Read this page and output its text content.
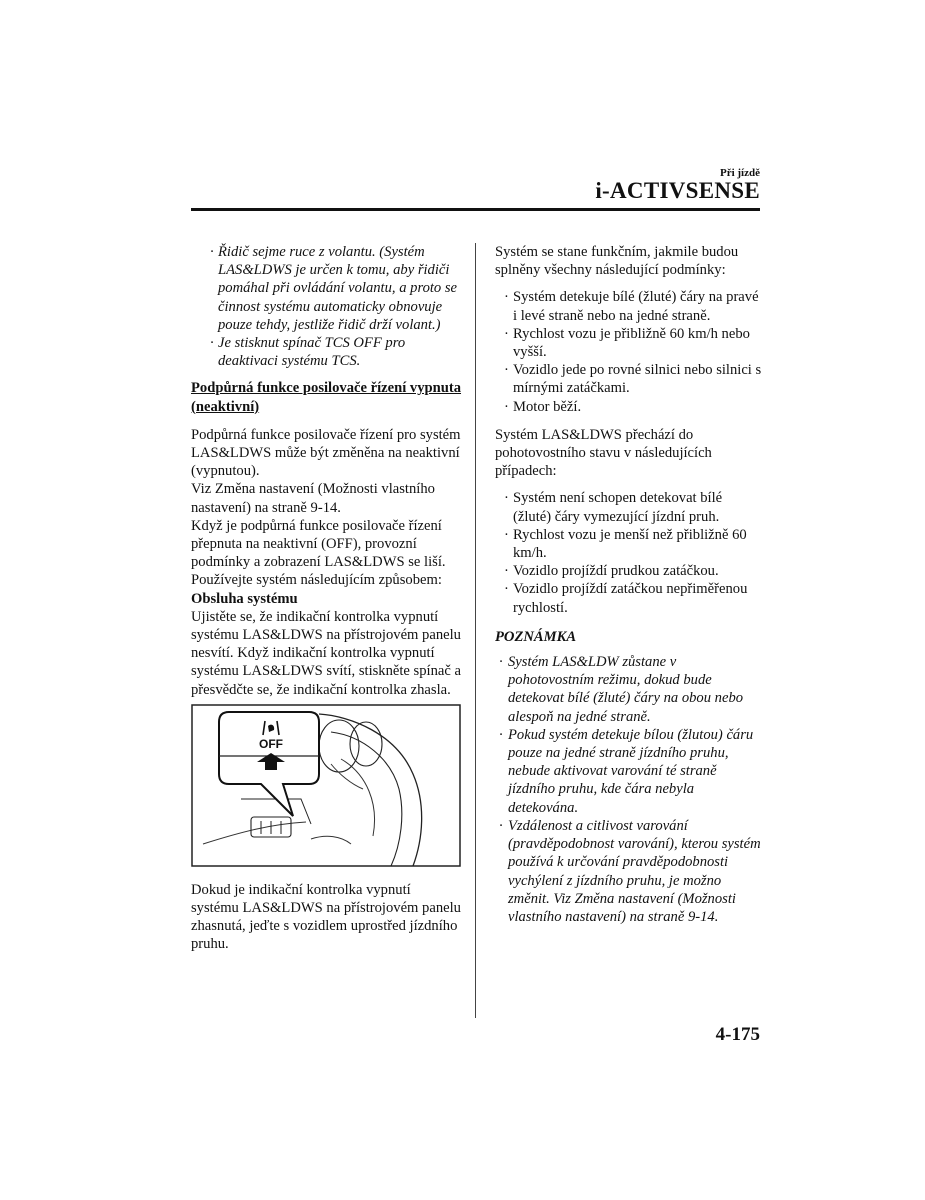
Při jízdě
i-ACTIVSENSE
· Řidič sejme ruce z volantu. (Systém LAS&LDWS je určen k tomu, aby řidiči pomáhal při ovládání volantu, a proto se činnost systému automaticky obnovuje pouze tehdy, jestliže řidič drží volant.)
· Je stisknut spínač TCS OFF pro deaktivaci systému TCS.

Podpůrná funkce posilovače řízení vypnuta (neaktivní)

Podpůrná funkce posilovače řízení pro systém LAS&LDWS může být změněna na neaktivní (vypnutou).

Viz Změna nastavení (Možnosti vlastního nastavení) na straně 9-14.

Když je podpůrná funkce posilovače řízení přepnuta na neaktivní (OFF), provozní podmínky a zobrazení LAS&LDWS se liší. Používejte systém následujícím způsobem:

Obsluha systému

Ujistěte se, že indikační kontrolka vypnutí systému LAS&LDWS na přístrojovém panelu nesvítí. Když indikační kontrolka vypnutí systému LAS&LDWS svítí, stiskněte spínač a přesvědčte se, že indikační kontrolka zhasla.

OFF

Dokud je indikační kontrolka vypnutí systému LAS&LDWS na přístrojovém panelu zhasnutá, jeďte s vozidlem uprostřed jízdního pruhu.

Systém se stane funkčním, jakmile budou splněny všechny následující podmínky:

· Systém detekuje bílé (žluté) čáry na pravé i levé straně nebo na jedné straně.
· Rychlost vozu je přibližně 60 km/h nebo vyšší.
· Vozidlo jede po rovné silnici nebo silnici s mírnými zatáčkami.
· Motor běží.

Systém LAS&LDWS přechází do pohotovostního stavu v následujících případech:

· Systém není schopen detekovat bílé (žluté) čáry vymezující jízdní pruh.
· Rychlost vozu je menší než přibližně 60 km/h.
· Vozidlo projíždí prudkou zatáčkou.
· Vozidlo projíždí zatáčkou nepřiměřenou rychlostí.

POZNÁMKA

· Systém LAS&LDW zůstane v pohotovostním režimu, dokud bude detekovat bílé (žluté) čáry na obou nebo alespoň na jedné straně.
· Pokud systém detekuje bílou (žlutou) čáru pouze na jedné straně jízdního pruhu, nebude aktivovat varování té straně jízdního pruhu, kde čára nebyla detekována.
· Vzdálenost a citlivost varování (pravděpodobnost varování), kterou systém používá k určování pravděpodobnosti vychýlení z jízdního pruhu, je možno změnit. Viz Změna nastavení (Možnosti vlastního nastavení) na straně 9-14.
4-175
